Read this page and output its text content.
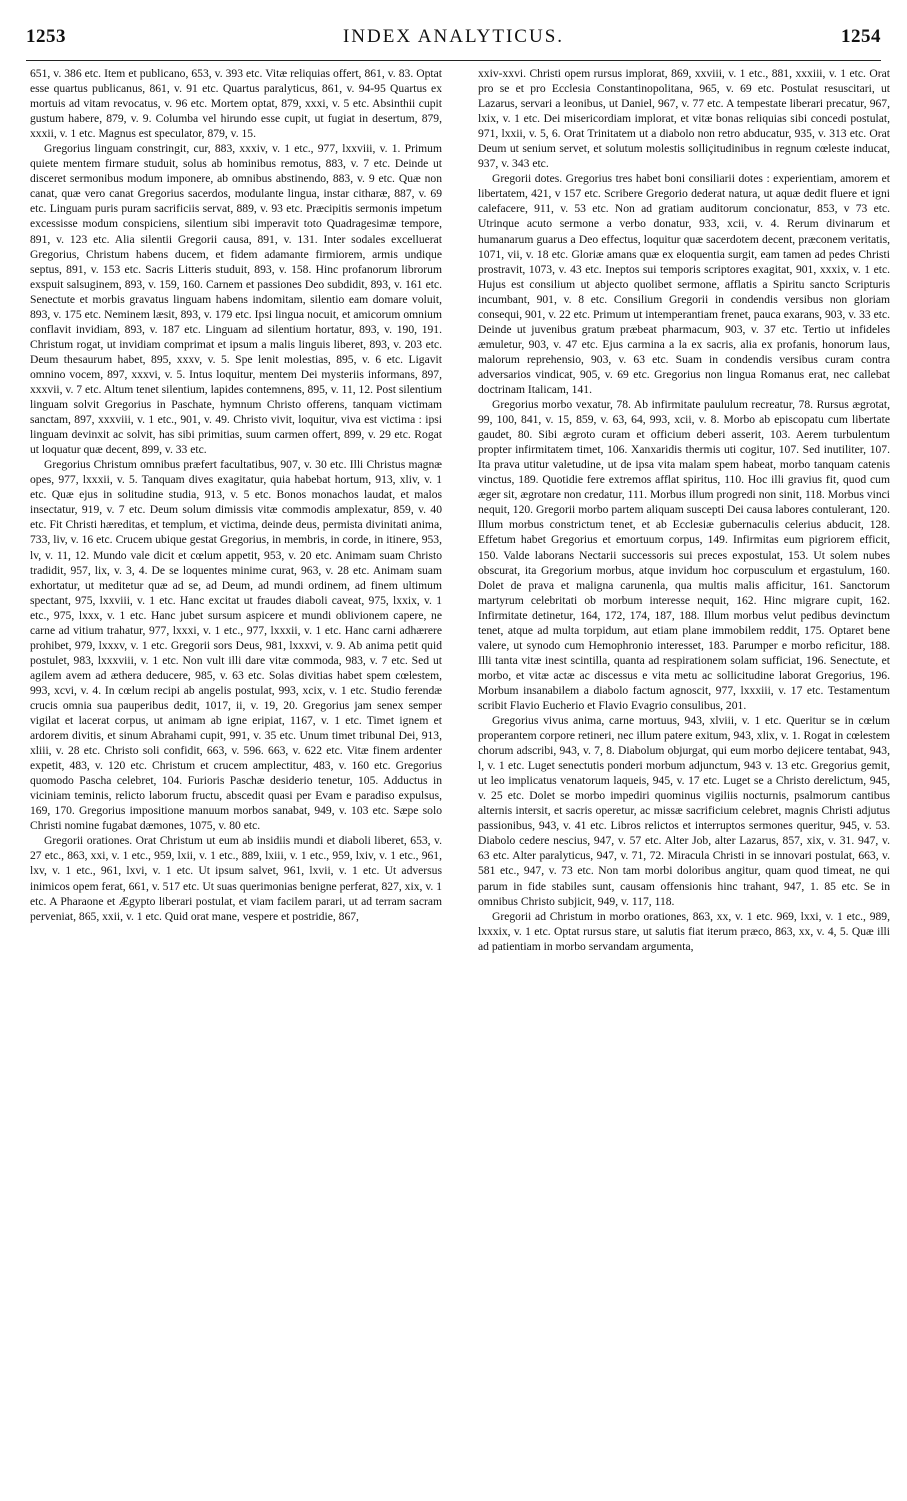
1253	INDEX ANALYTICUS.	1254

651, v. 386 etc. Item et publicano, 653, v. 393 etc. Vitæ reliquias offert, 861, v. 83. Optat esse quartus publicanus, 861, v. 91 etc. Quartus paralyticus, 861, v. 94-95 Quartus ex mortuis ad vitam revocatus, v. 96 etc. Mortem optat, 879, xxxi, v. 5 etc. Absinthii cupit gustum habere, 879, v. 9. Columba vel hirundo esse cupit, ut fugiat in desertum, 879, xxxii, v. 1 etc. Magnus est speculator, 879, v. 15.

Gregorius linguam constringit, cur, 883, xxxiv, v. 1 etc., 977, lxxviii, v. 1. Primum quiete mentem firmare studuit, solus ab hominibus remotus, 883, v. 7 etc. Deinde ut disceret sermonibus modum imponere, ab omnibus abstinendo, 883, v. 9 etc. Quæ non canat, quæ vero canat Gregorius sacerdos, modulante lingua, instar citharæ, 887, v. 69 etc. Linguam puris puram sacrificiis servat, 889, v. 93 etc. Præcipitis sermonis impetum excessisse modum conspiciens, silentium sibi imperavit toto Quadragesimæ tempore, 891, v. 123 etc. Alia silentii Gregorii causa, 891, v. 131. Inter sodales excelluerat Gregorius, Christum habens ducem, et fidem adamante firmiorem, armis undique septus, 891, v. 153 etc. Sacris Litteris studuit, 893, v. 158. Hinc profanorum librorum exspuit salsuginem, 893, v. 159, 160. Carnem et passiones Deo subdidit, 893, v. 161 etc. Senectute et morbis gravatus linguam habens indomitam, silentio eam domare voluit, 893, v. 175 etc. Neminem læsit, 893, v. 179 etc. Ipsi lingua nocuit, et amicorum omnium conflavit invidiam, 893, v. 187 etc. Linguam ad silentium hortatur, 893, v. 190, 191. Christum rogat, ut invidiam comprimat et ipsum a malis linguis liberet, 893, v. 203 etc. Deum thesaurum habet, 895, xxxv, v. 5. Spe lenit molestias, 895, v. 6 etc. Ligavit omnino vocem, 897, xxxvi, v. 5. Intus loquitur, mentem Dei mysteriis informans, 897, xxxvii, v. 7 etc. Altum tenet silentium, lapides contemnens, 895, v. 11, 12. Post silentium linguam solvit Gregorius in Paschate, hymnum Christo offerens, tanquam victimam sanctam, 897, xxxviii, v. 1 etc., 901, v. 49. Christo vivit, loquitur, viva est victima : ipsi linguam devinxit ac solvit, has sibi primitias, suum carmen offert, 899, v. 29 etc. Rogat ut loquatur quæ decent, 899, v. 33 etc.

Gregorius Christum omnibus præfert facultatibus, 907, v. 30 etc. Illi Christus magnæ opes, 977, lxxxii, v. 5. Tanquam dives exagitatur, quia habebat hortum, 913, xliv, v. 1 etc. Quæ ejus in solitudine studia, 913, v. 5 etc. Bonos monachos laudat, et malos insectatur, 919, v. 7 etc. Deum solum dimissis vitæ commodis amplexatur, 859, v. 40 etc. Fit Christi hæreditas, et templum, et victima, deinde deus, permista divinitati anima, 733, liv, v. 16 etc. Crucem ubique gestat Gregorius, in membris, in corde, in itinere, 953, lv, v. 11, 12. Mundo vale dicit et cœlum appetit, 953, v. 20 etc. Animam suam Christo tradidit, 957, lix, v. 3, 4. De se loquentes minime curat, 963, v. 28 etc. Animam suam exhortatur, ut meditetur quæ ad se, ad Deum, ad mundi ordinem, ad finem ultimum spectant, 975, lxxviii, v. 1 etc. Hanc excitat ut fraudes diaboli caveat, 975, lxxix, v. 1 etc., 975, lxxx, v. 1 etc. Hanc jubet sursum aspicere et mundi oblivionem capere, ne carne ad vitium trahatur, 977, lxxxi, v. 1 etc., 977, lxxxii, v. 1 etc. Hanc carni adhærere prohibet, 979, lxxxv, v. 1 etc. Gregorii sors Deus, 981, lxxxvi, v. 9. Ab anima petit quid postulet, 983, lxxxviii, v. 1 etc. Non vult illi dare vitæ commoda, 983, v. 7 etc. Sed ut agilem avem ad æthera deducere, 985, v. 63 etc. Solas divitias habet spem cœlestem, 993, xcvi, v. 4. In cœlum recipi ab angelis postulat, 993, xcix, v. 1 etc. Studio ferendæ crucis omnia sua pauperibus dedit, 1017, ii, v. 19, 20. Gregorius jam senex semper vigilat et lacerat corpus, ut animam ab igne eripiat, 1167, v. 1 etc. Timet ignem et ardorem divitis, et sinum Abrahami cupit, 991, v. 35 etc. Unum timet tribunal Dei, 913, xliii, v. 28 etc. Christo soli confidit, 663, v. 596. 663, v. 622 etc. Vitæ finem ardenter expetit, 483, v. 120 etc. Christum et crucem amplectitur, 483, v. 160 etc. Gregorius quomodo Pascha celebret, 104. Furioris Paschæ desiderio tenetur, 105. Adductus in viciniam teminis, relicto laborum fructu, abscedit quasi per Evam e paradiso expulsus, 169, 170. Gregorius impositione manuum morbos sanabat, 949, v. 103 etc. Sæpe solo Christi nomine fugabat dæmones, 1075, v. 80 etc.

Gregorii orationes. Orat Christum ut eum ab insidiis mundi et diaboli liberet, 653, v. 27 etc., 863, xxi, v. 1 etc., 959, lxii, v. 1 etc., 889, lxiii, v. 1 etc., 959, lxiv, v. 1 etc., 961, lxv, v. 1 etc., 961, lxvi, v. 1 etc. Ut ipsum salvet, 961, lxvii, v. 1 etc. Ut adversus inimicos opem ferat, 661, v. 517 etc. Ut suas querimonias benigne perferat, 827, xix, v. 1 etc. A Pharaone et Ægypto liberari postulat, et viam facilem parari, ut ad terram sacram perveniat, 865, xxii, v. 1 etc. Quid orat mane, vespere et postridie, 867,

xxiv-xxvi. Christi opem rursus implorat, 869, xxviii, v. 1 etc., 881, xxxiii, v. 1 etc. Orat pro se et pro Ecclesia Constantinopolitana, 965, v. 69 etc. Postulat resuscitari, ut Lazarus, servari a leonibus, ut Daniel, 967, v. 77 etc. A tempestate liberari precatur, 967, lxix, v. 1 etc. Dei misericordiam implorat, et vitæ bonas reliquias sibi concedi postulat, 971, lxxii, v. 5, 6. Orat Trinitatem ut a diabolo non retro abducatur, 935, v. 313 etc. Orat Deum ut senium servet, et solutum molestis solliçitudinibus in regnum cœleste inducat, 937, v. 343 etc.

Gregorii dotes. Gregorius tres habet boni consiliarii dotes : experientiam, amorem et libertatem, 421, v 157 etc. Scribere Gregorio dederat natura, ut aquæ dedit fluere et igni calefacere, 911, v. 53 etc. Non ad gratiam auditorum concionatur, 853, v 73 etc. Utrinque acuto sermone a verbo donatur, 933, xcii, v. 4. Rerum divinarum et humanarum guarus a Deo effectus, loquitur quæ sacerdotem decent, præconem veritatis, 1071, vii, v. 18 etc. Gloriæ amans quæ ex eloquentia surgit, eam tamen ad pedes Christi prostravit, 1073, v. 43 etc. Ineptos sui temporis scriptores exagitat, 901, xxxix, v. 1 etc. Hujus est consilium ut abjecto quolibet sermone, afflatis a Spiritu sancto Scripturis incumbant, 901, v. 8 etc. Consilium Gregorii in condendis versibus non gloriam consequi, 901, v. 22 etc. Primum ut intemperantiam frenet, pauca exarans, 903, v. 33 etc. Deinde ut juvenibus gratum præbeat pharmacum, 903, v. 37 etc. Tertio ut infideles æmuletur, 903, v. 47 etc. Ejus carmina a la ex sacris, alia ex profanis, honorum laus, malorum reprehensio, 903, v. 63 etc. Suam in condendis versibus curam contra adversarios vindicat, 905, v. 69 etc. Gregorius non lingua Romanus erat, nec callebat doctrinam Italicam, 141.

Gregorius morbo vexatur, 78. Ab infirmitate paululum recreatur, 78. Rursus ægrotat, 99, 100, 841, v. 15, 859, v. 63, 64, 993, xcii, v. 8. Morbo ab episcopatu cum libertate gaudet, 80. Sibi ægroto curam et officium deberi asserit, 103. Aerem turbulentum propter infirmitatem timet, 106. Xanxaridis thermis uti cogitur, 107. Sed inutiliter, 107. Ita prava utitur valetudine, ut de ipsa vita malam spem habeat, morbo tanquam catenis vinctus, 189. Quotidie fere extremos afflat spiritus, 110. Hoc illi gravius fit, quod cum æger sit, ægrotare non credatur, 111. Morbus illum progredi non sinit, 118. Morbus vinci nequit, 120. Gregorii morbo partem aliquam suscepti Dei causa labores contulerant, 120. Illum morbus constrictum tenet, et ab Ecclesiæ gubernaculis celerius abducit, 128. Effetum habet Gregorius et emortuum corpus, 149. Infirmitas eum pigriorem efficit, 150. Valde laborans Nectarii successoris sui preces expostulat, 153. Ut solem nubes obscurat, ita Gregorium morbus, atque invidum hoc corpusculum et ergastulum, 160. Dolet de prava et maligna carunenla, qua multis malis afficitur, 161. Sanctorum martyrum celebritati ob morbum interesse nequit, 162. Hinc migrare cupit, 162. Infirmitate detinetur, 164, 172, 174, 187, 188. Illum morbus velut pedibus devinctum tenet, atque ad multa torpidum, aut etiam plane immobilem reddit, 175. Optaret bene valere, ut synodo cum Hemophronio interesset, 183. Parumper e morbo reficitur, 188. Illi tanta vitæ inest scintilla, quanta ad respirationem solam sufficiat, 196. Senectute, et morbo, et vitæ actæ ac discessus e vita metu ac sollicitudine laborat Gregorius, 196. Morbum insanabilem a diabolo factum agnoscit, 977, lxxxiii, v. 17 etc. Testamentum scribit Flavio Eucherio et Flavio Evagrio consulibus, 201.

Gregorius vivus anima, carne mortuus, 943, xlviii, v. 1 etc. Queritur se in cœlum properantem corpore retineri, nec illum patere exitum, 943, xlix, v. 1. Rogat in cœlestem chorum adscribi, 943, v. 7, 8. Diabolum objurgat, qui eum morbo dejicere tentabat, 943, l, v. 1 etc. Luget senectutis ponderi morbum adjunctum, 943 v. 13 etc. Gregorius gemit, ut leo implicatus venatorum laqueis, 945, v. 17 etc. Luget se a Christo derelictum, 945, v. 25 etc. Dolet se morbo impediri quominus vigiliis nocturnis, psalmorum cantibus alternis intersit, et sacris operetur, ac missæ sacrificium celebret, magnis Christi adjutus passionibus, 943, v. 41 etc. Libros relictos et interruptos sermones queritur, 945, v. 53. Diabolo cedere nescius, 947, v. 57 etc. Alter Job, alter Lazarus, 857, xix, v. 31. 947, v. 63 etc. Alter paralyticus, 947, v. 71, 72. Miracula Christi in se innovari postulat, 663, v. 581 etc., 947, v. 73 etc. Non tam morbi doloribus angitur, quam quod timeat, ne qui parum in fide stabiles sunt, causam offensionis hinc trahant, 947, 1. 85 etc. Se in omnibus Christo subjicit, 949, v. 117, 118.

Gregorii ad Christum in morbo orationes, 863, xx, v. 1 etc. 969, lxxi, v. 1 etc., 989, lxxxix, v. 1 etc. Optat rursus stare, ut salutis fiat iterum præco, 863, xx, v. 4, 5. Quæ illi ad patientiam in morbo servandam argumenta,
